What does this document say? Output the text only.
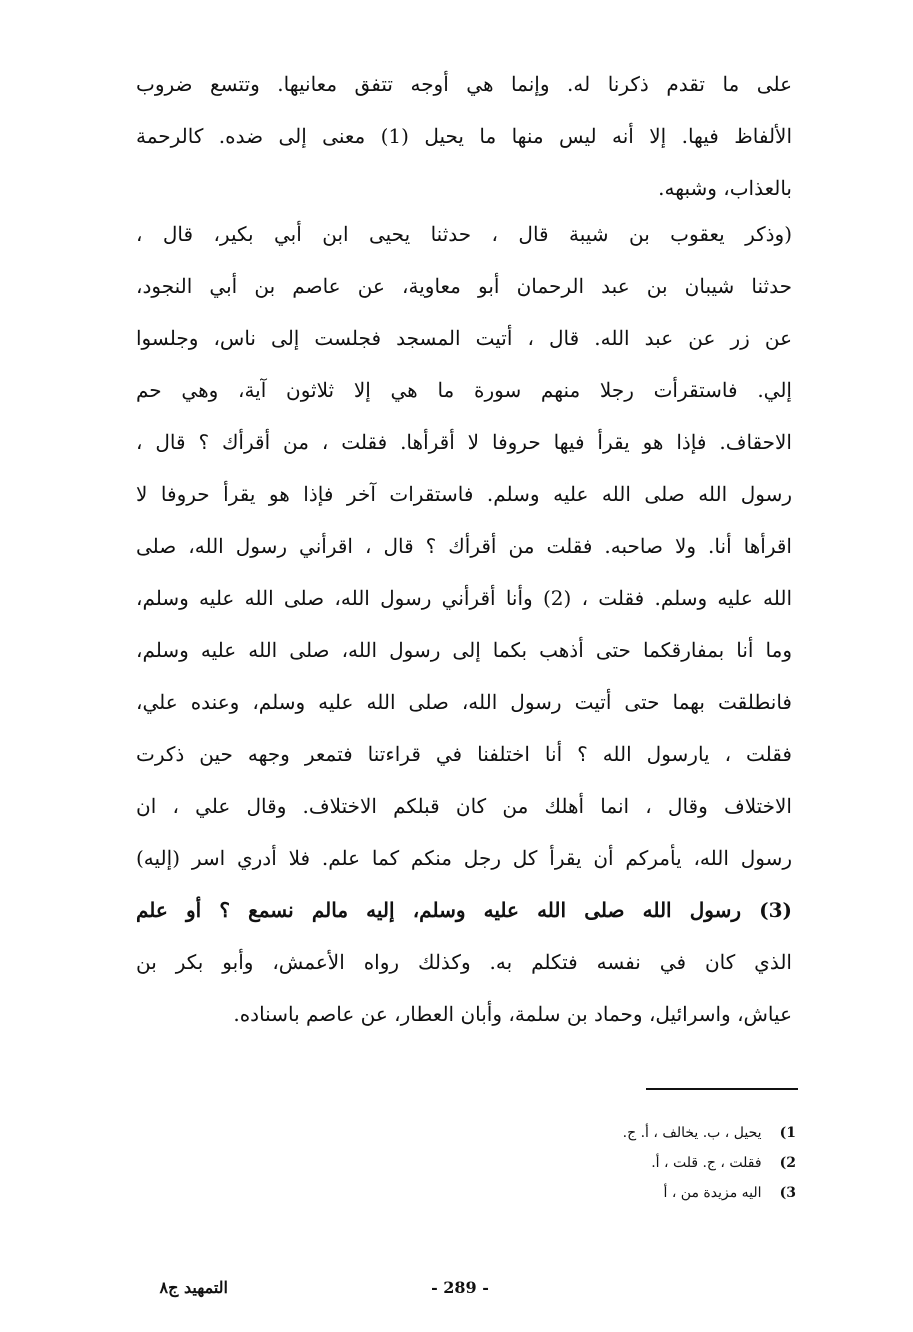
على ما تقدم ذكرنا له. وإنما هي أوجه تتفق معانيها. وتتسع ضروب
الألفاظ فيها. إلا أنه ليس منها ما يحيل (1) معنى إلى ضده. كالرحمة
بالعذاب، وشبهه.
(وذكر يعقوب بن شيبة قال ، حدثنا يحيى ابن أبي بكير، قال ،
حدثنا شيبان بن عبد الرحمان أبو معاوية، عن عاصم بن أبي النجود،
عن زر عن عبد الله. قال ، أتيت المسجد فجلست إلى ناس، وجلسوا
إلي. فاستقرأت رجلا منهم سورة ما هي إلا ثلاثون آية، وهي حم
الاحقاف. فإذا هو يقرأ فيها حروفا لا أقرأها. فقلت ، من أقرأك ؟ قال ،
رسول الله صلى الله عليه وسلم. فاستقرات آخر فإذا هو يقرأ حروفا لا
اقرأها أنا. ولا صاحبه. فقلت من أقرأك ؟ قال ، اقرأني رسول الله، صلى
الله عليه وسلم. فقلت ، (2) وأنا أقرأني رسول الله، صلى الله عليه وسلم،
وما أنا بمفارقكما حتى أذهب بكما إلى رسول الله، صلى الله عليه وسلم،
فانطلقت بهما حتى أتيت رسول الله، صلى الله عليه وسلم، وعنده علي،
فقلت ، يارسول الله ؟ أنا اختلفنا في قراءتنا فتمعر وجهه حين ذكرت
الاختلاف وقال ، انما أهلك من كان قبلكم الاختلاف. وقال علي ، ان
رسول الله، يأمركم أن يقرأ كل رجل منكم كما علم. فلا أدري اسر (إليه)
(3) رسول الله صلى الله عليه وسلم، إليه مالم نسمع ؟ أو علم
الذي كان في نفسه فتكلم به. وكذلك رواه الأعمش، وأبو بكر بن
عياش، واسرائيل، وحماد بن سلمة، وأبان العطار، عن عاصم باسناده.
1) يحيل ، ب. يخالف ، أ. ج.
2) فقلت ، ج. قلت ، أ.
3) اليه مزيدة من ، أ
- 289 -
التمهيد ج٨
